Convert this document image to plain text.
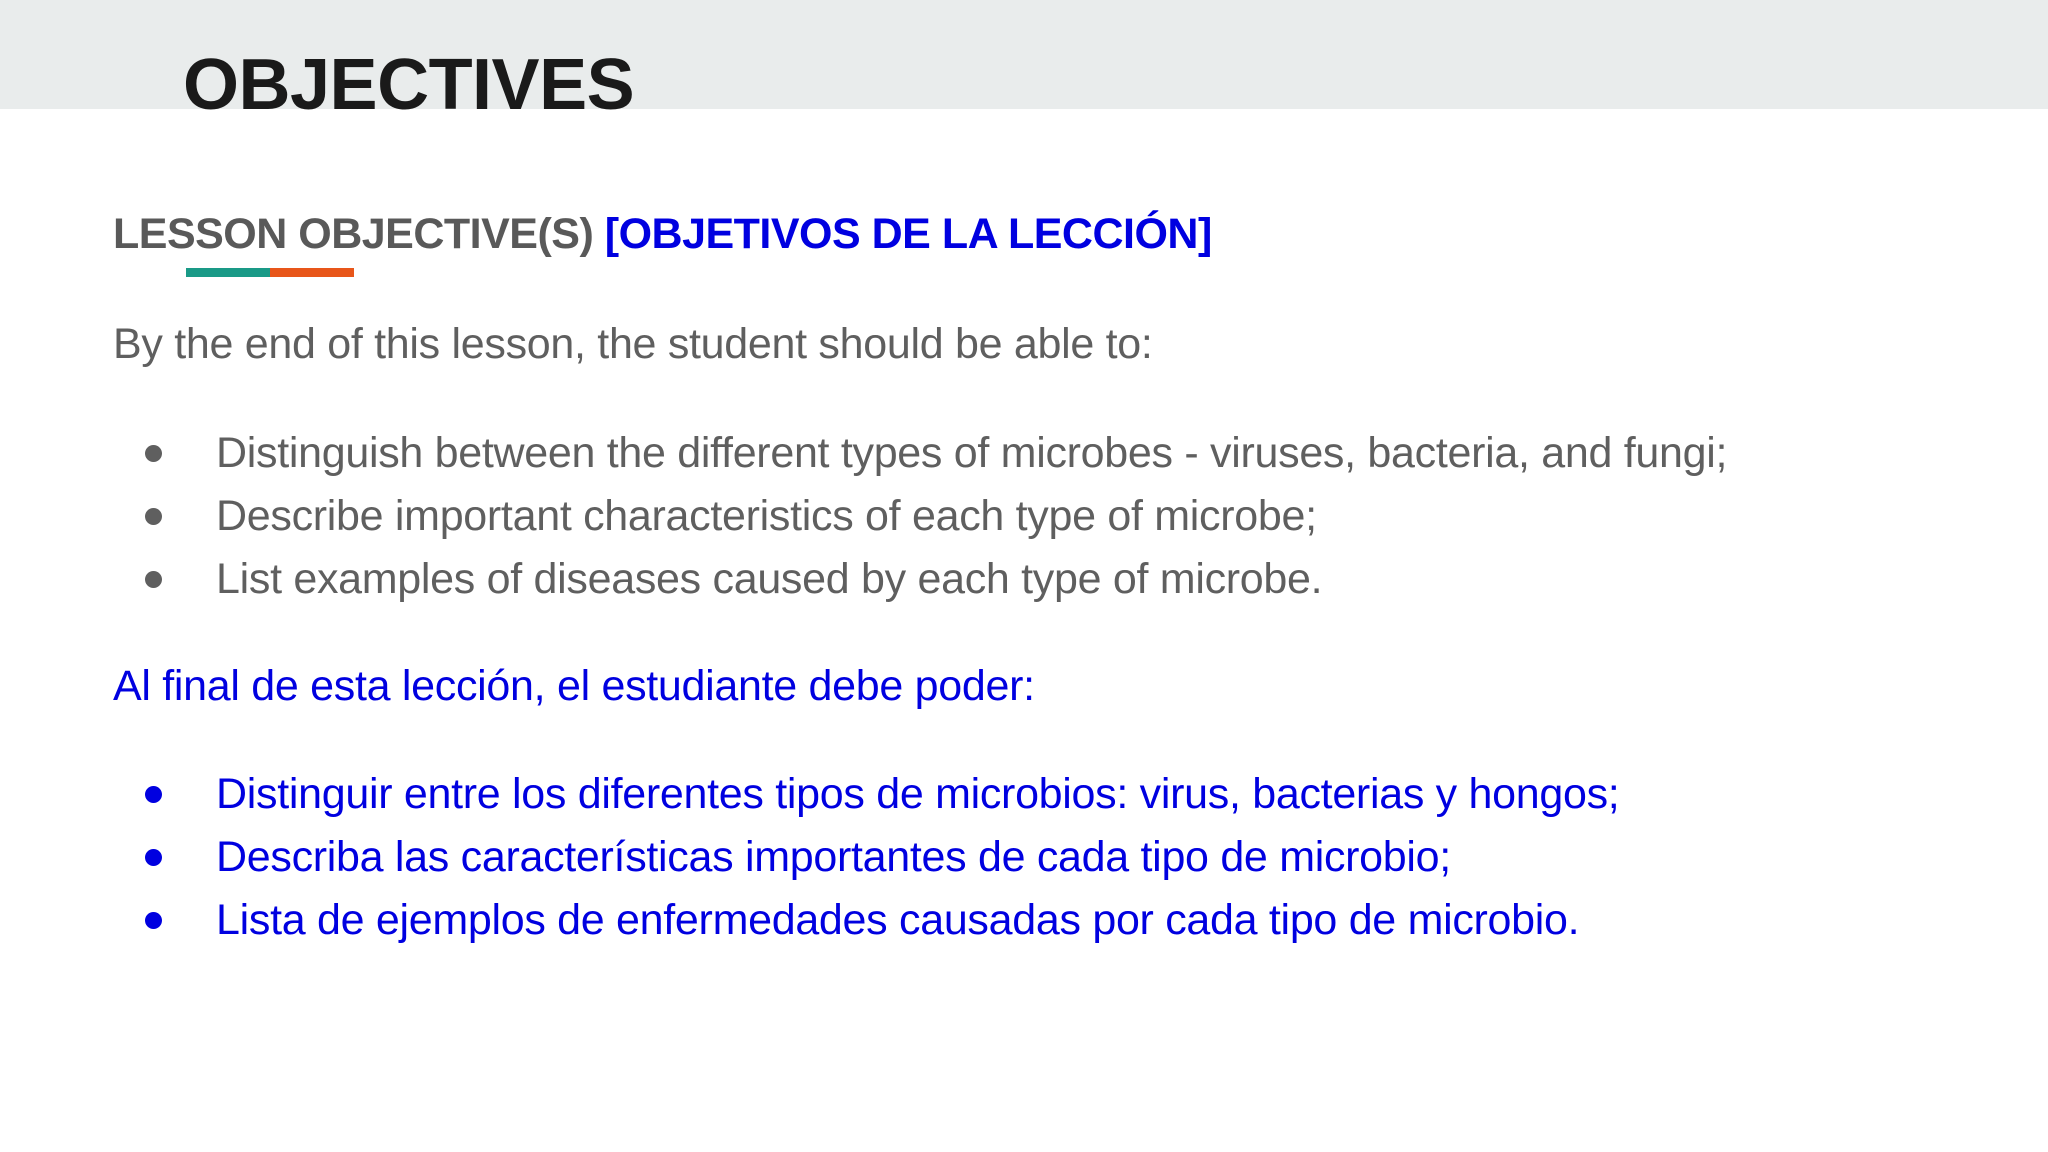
OBJECTIVES
LESSON OBJECTIVE(S) [OBJETIVOS DE LA LECCIÓN]

By the end of this lesson, the student should be able to:

Distinguish between the different types of microbes - viruses, bacteria, and fungi;
Describe important characteristics of each type of microbe;
List examples of diseases caused by each type of microbe.

Al final de esta lección, el estudiante debe poder:

Distinguir entre los diferentes tipos de microbios: virus, bacterias y hongos;
Describa las características importantes de cada tipo de microbio;
Lista de ejemplos de enfermedades causadas por cada tipo de microbio.
